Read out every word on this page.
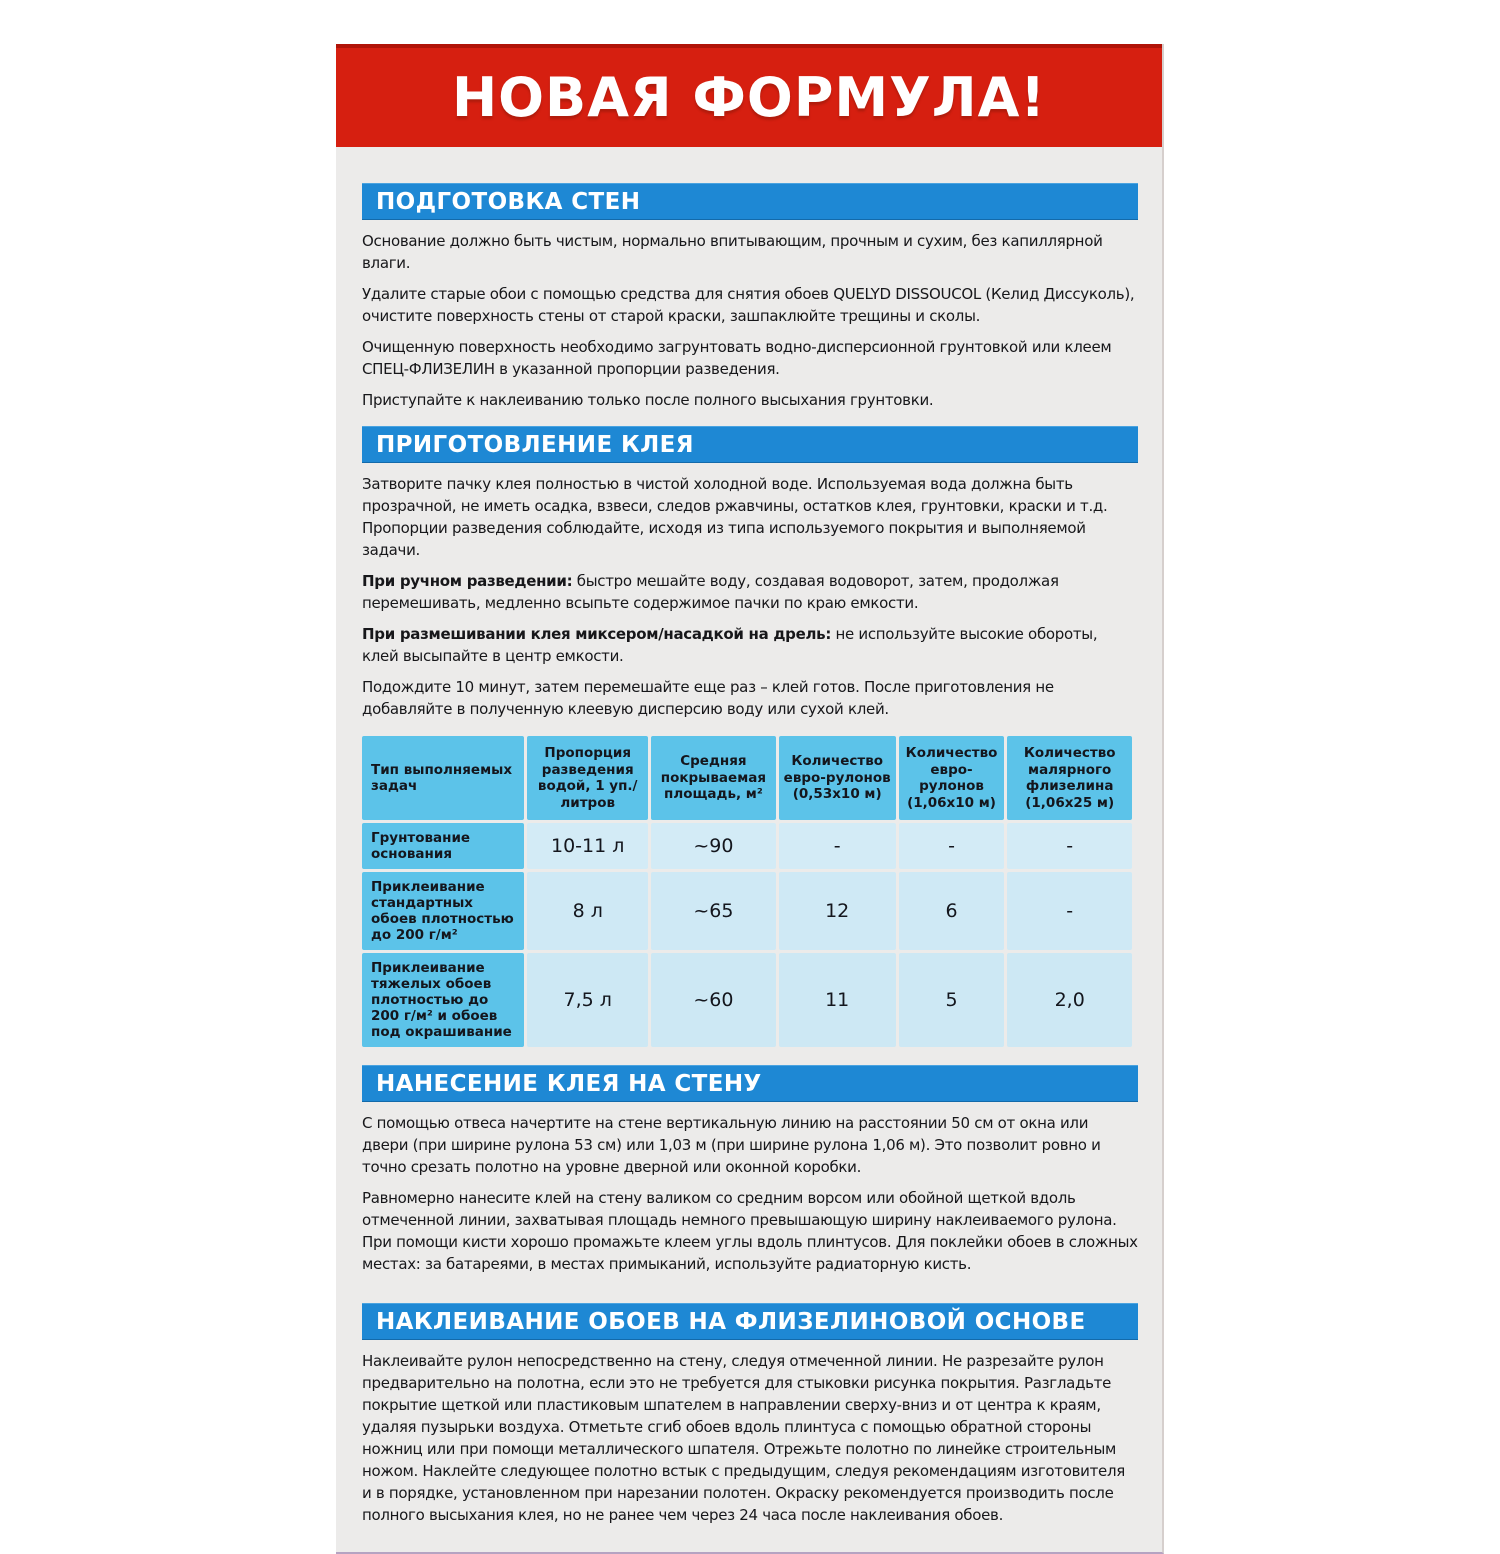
НОВАЯ ФОРМУЛА!
ПОДГОТОВКА СТЕН

Основание должно быть чистым, нормально впитывающим, прочным и сухим, без капиллярной влаги.

Удалите старые обои с помощью средства для снятия обоев QUELYD DISSOUCOL (Келид Диссуколь), очистите поверхность стены от старой краски, зашпаклюйте трещины и сколы.

Очищенную поверхность необходимо загрунтовать водно-дисперсионной грунтовкой или клеем СПЕЦ-ФЛИЗЕЛИН в указанной пропорции разведения.

Приступайте к наклеиванию только после полного высыхания грунтовки.

ПРИГОТОВЛЕНИЕ КЛЕЯ

Затворите пачку клея полностью в чистой холодной воде. Используемая вода должна быть прозрачной, не иметь осадка, взвеси, следов ржавчины, остатков клея, грунтовки, краски и т.д. Пропорции разведения соблюдайте, исходя из типа используемого покрытия и выполняемой задачи.

При ручном разведении: быстро мешайте воду, создавая водоворот, затем, продолжая перемешивать, медленно всыпьте содержимое пачки по краю емкости.

При размешивании клея миксером/насадкой на дрель: не используйте высокие обороты, клей высыпайте в центр емкости.

Подождите 10 минут, затем перемешайте еще раз – клей готов. После приготовления не добавляйте в полученную клеевую дисперсию воду или сухой клей.

Тип выполняемых задач	Пропорция разведения водой, 1 уп./литров	Средняя покрываемая площадь, м²	Количество евро-рулонов (0,53х10 м)	Количество евро-рулонов (1,06х10 м)	Количество малярного флизелина (1,06х25 м)
Грунтование основания	10-11 л	~90	-	-	-
Приклеивание стандартных обоев плотностью до 200 г/м²	8 л	~65	12	6	-
Приклеивание тяжелых обоев плотностью до 200 г/м² и обоев под окрашивание	7,5 л	~60	11	5	2,0
НАНЕСЕНИЕ КЛЕЯ НА СТЕНУ

С помощью отвеса начертите на стене вертикальную линию на расстоянии 50 см от окна или двери (при ширине рулона 53 см) или 1,03 м (при ширине рулона 1,06 м). Это позволит ровно и точно срезать полотно на уровне дверной или оконной коробки.

Равномерно нанесите клей на стену валиком со средним ворсом или обойной щеткой вдоль отмеченной линии, захватывая площадь немного превышающую ширину наклеиваемого рулона. При помощи кисти хорошо промажьте клеем углы вдоль плинтусов. Для поклейки обоев в сложных местах: за батареями, в местах примыканий, используйте радиаторную кисть.

НАКЛЕИВАНИЕ ОБОЕВ НА ФЛИЗЕЛИНОВОЙ ОСНОВЕ

Наклеивайте рулон непосредственно на стену, следуя отмеченной линии. Не разрезайте рулон предварительно на полотна, если это не требуется для стыковки рисунка покрытия. Разгладьте покрытие щеткой или пластиковым шпателем в направлении сверху-вниз и от центра к краям, удаляя пузырьки воздуха. Отметьте сгиб обоев вдоль плинтуса с помощью обратной стороны ножниц или при помощи металлического шпателя. Отрежьте полотно по линейке строительным ножом. Наклейте следующее полотно встык с предыдущим, следуя рекомендациям изготовителя и в порядке, установленном при нарезании полотен. Окраску рекомендуется производить после полного высыхания клея, но не ранее чем через 24 часа после наклеивания обоев.
